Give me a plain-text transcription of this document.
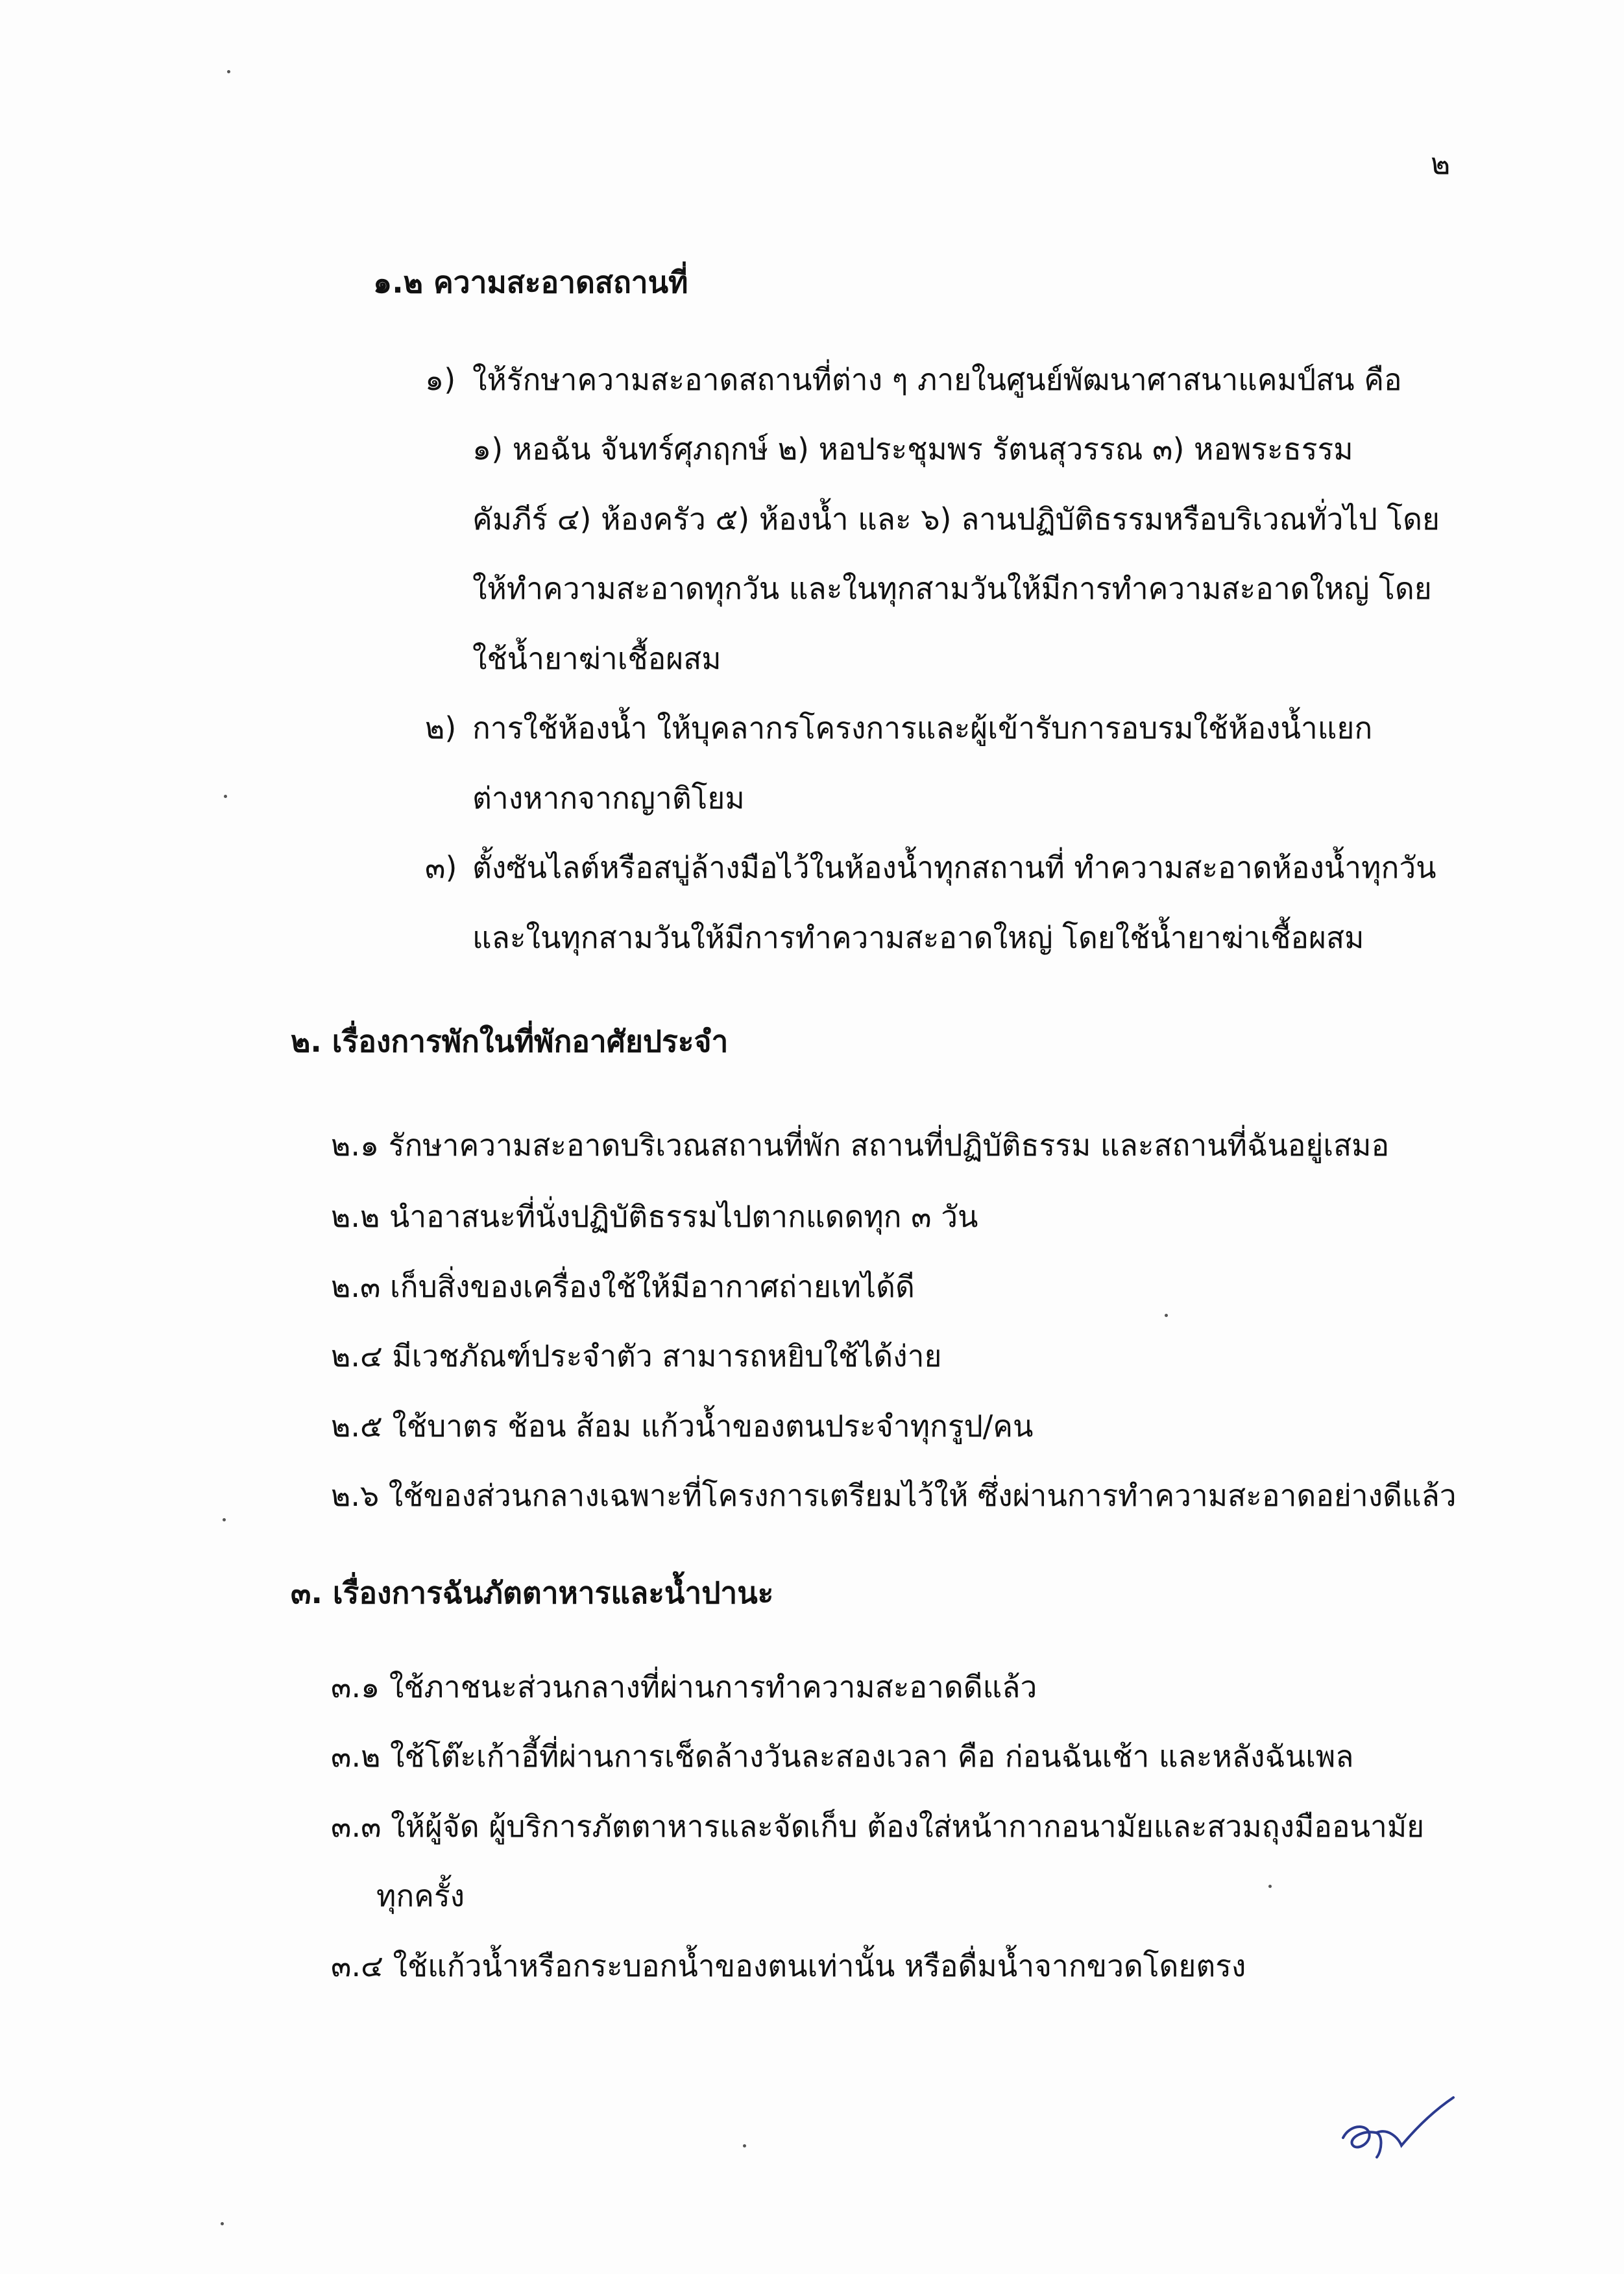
๒
๑.๒ ความสะอาดสถานที่
๑) ให้รักษาความสะอาดสถานที่ต่าง ๆ ภายในศูนย์พัฒนาศาสนาแคมป์สน คือ
๑) หอฉัน จันทร์ศุภฤกษ์ ๒) หอประชุมพร รัตนสุวรรณ ๓) หอพระธรรม
คัมภีร์ ๔) ห้องครัว ๕) ห้องน้ำ และ ๖) ลานปฏิบัติธรรมหรือบริเวณทั่วไป โดย
ให้ทำความสะอาดทุกวัน และในทุกสามวันให้มีการทำความสะอาดใหญ่ โดย
ใช้น้ำยาฆ่าเชื้อผสม
๒) การใช้ห้องน้ำ ให้บุคลากรโครงการและผู้เข้ารับการอบรมใช้ห้องน้ำแยก
ต่างหากจากญาติโยม
๓) ตั้งซันไลต์หรือสบู่ล้างมือไว้ในห้องน้ำทุกสถานที่ ทำความสะอาดห้องน้ำทุกวัน
และในทุกสามวันให้มีการทำความสะอาดใหญ่ โดยใช้น้ำยาฆ่าเชื้อผสม
๒. เรื่องการพักในที่พักอาศัยประจำ
๒.๑ รักษาความสะอาดบริเวณสถานที่พัก สถานที่ปฏิบัติธรรม และสถานที่ฉันอยู่เสมอ
๒.๒ นำอาสนะที่นั่งปฏิบัติธรรมไปตากแดดทุก ๓ วัน
๒.๓ เก็บสิ่งของเครื่องใช้ให้มีอากาศถ่ายเทได้ดี
๒.๔ มีเวชภัณฑ์ประจำตัว สามารถหยิบใช้ได้ง่าย
๒.๕ ใช้บาตร ช้อน ส้อม แก้วน้ำของตนประจำทุกรูป/คน
๒.๖ ใช้ของส่วนกลางเฉพาะที่โครงการเตรียมไว้ให้ ซึ่งผ่านการทำความสะอาดอย่างดีแล้ว
๓. เรื่องการฉันภัตตาหารและน้ำปานะ
๓.๑ ใช้ภาชนะส่วนกลางที่ผ่านการทำความสะอาดดีแล้ว
๓.๒ ใช้โต๊ะเก้าอี้ที่ผ่านการเช็ดล้างวันละสองเวลา คือ ก่อนฉันเช้า และหลังฉันเพล
๓.๓ ให้ผู้จัด ผู้บริการภัตตาหารและจัดเก็บ ต้องใส่หน้ากากอนามัยและสวมถุงมืออนามัย
ทุกครั้ง
๓.๔ ใช้แก้วน้ำหรือกระบอกน้ำของตนเท่านั้น หรือดื่มน้ำจากขวดโดยตรง
